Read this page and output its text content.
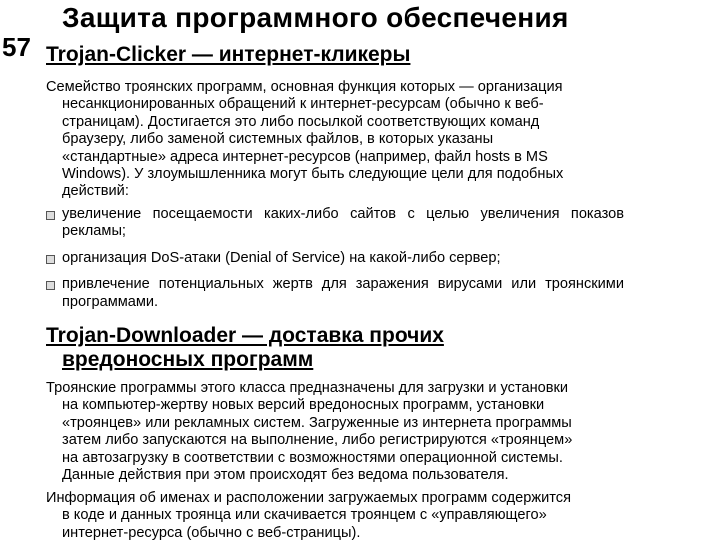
57
Защита программного обеспечения
Trojan-Clicker — интернет-кликеры

Семейство троянских программ, основная функция которых — организация
несанкционированных обращений к интернет-ресурсам (обычно к веб-
страницам). Достигается это либо посылкой соответствующих команд
браузеру, либо заменой системных файлов, в которых указаны
«стандартные» адреса интернет-ресурсов (например, файл hosts в MS
Windows). У злоумышленника могут быть следующие цели для подобных
действий:

увеличение посещаемости каких-либо сайтов с целью увеличения показов рекламы;
организация DoS-атаки (Denial of Service) на какой-либо сервер;
привлечение потенциальных жертв для заражения вирусами или троянскими программами.
Trojan-Downloader — доставка прочих
вредоносных программ

Троянские программы этого класса предназначены для загрузки и установки
на компьютер-жертву новых версий вредоносных программ, установки
«троянцев» или рекламных систем. Загруженные из интернета программы
затем либо запускаются на выполнение, либо регистрируются «троянцем»
на автозагрузку в соответствии с возможностями операционной системы.
Данные действия при этом происходят без ведома пользователя.

Информация об именах и расположении загружаемых программ содержится
в коде и данных троянца или скачивается троянцем с «управляющего»
интернет-ресурса (обычно с веб-страницы).
